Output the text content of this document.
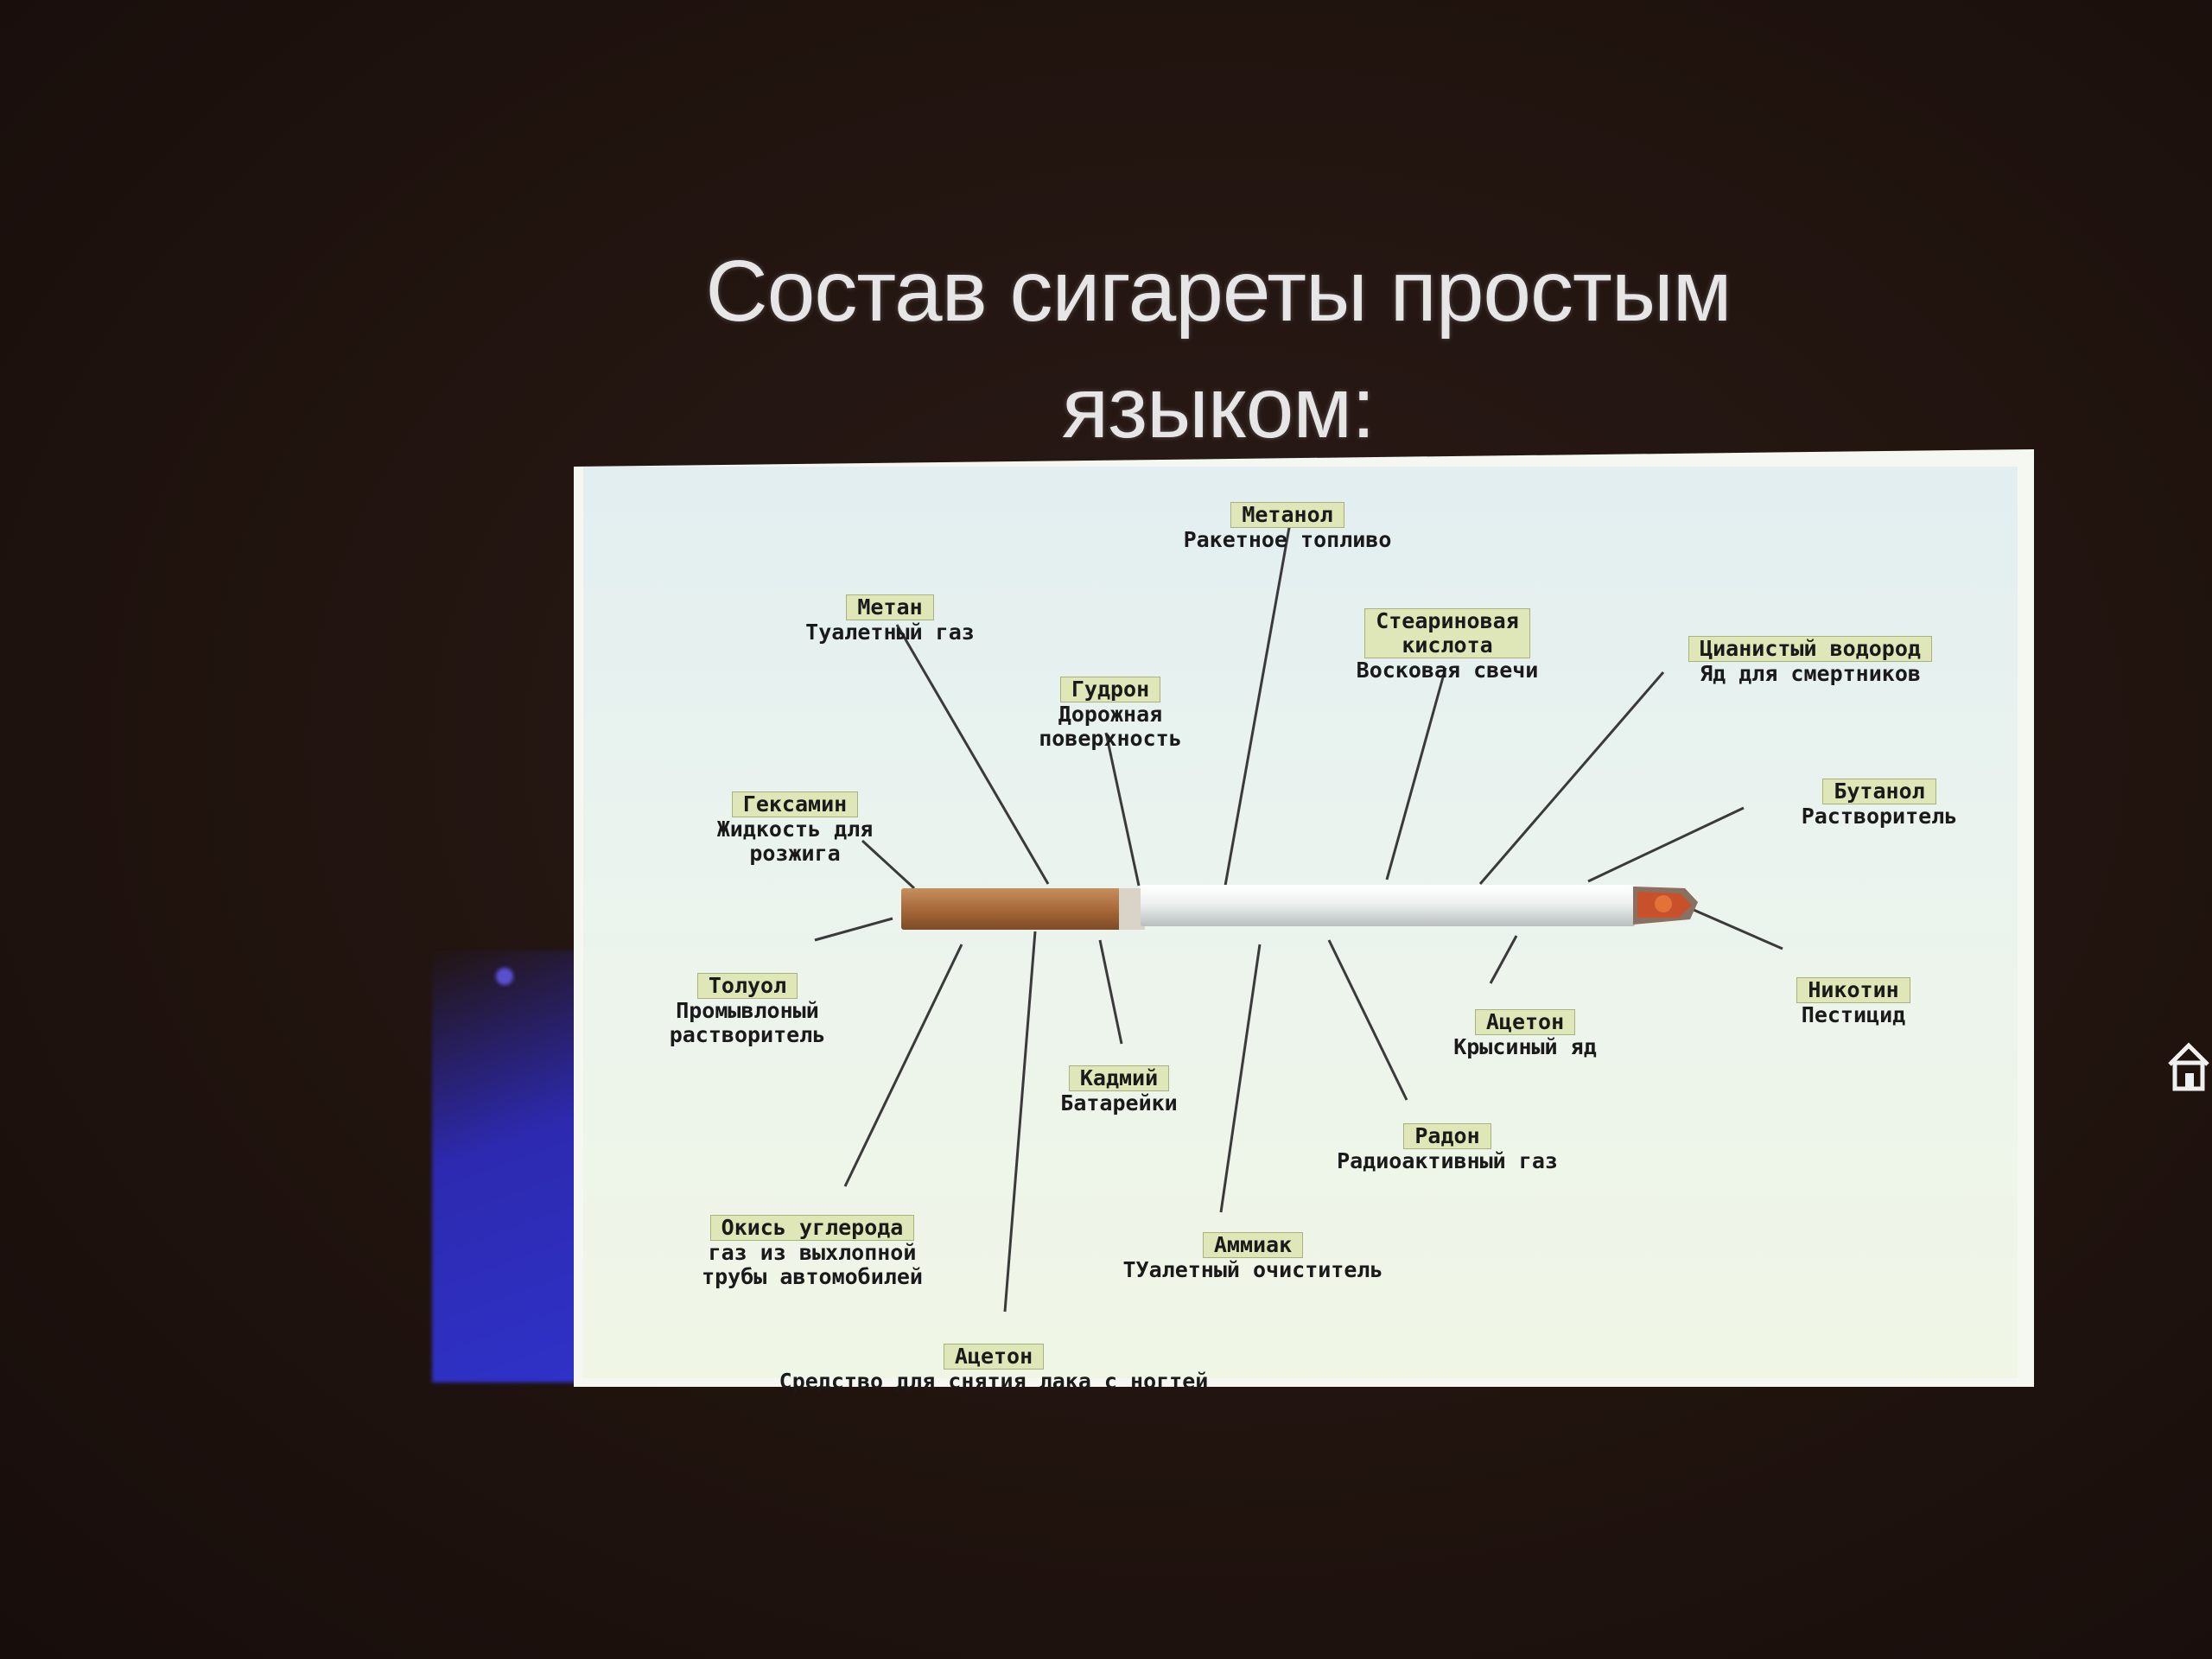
Состав сигареты простым
языком:

Метанол

Ракетное топливо

Метан

Туалетный газ	Стеариновая
кислота

Восковая свечи

Цианистый водород

Яд для смертников

Гудрон

Дорожная
поверхность

Гексамин

Жидкость для
розжига

Бутанол

Растворитель

Толуол

Промывлоный
растворитель

Никотин

Пестицид

Ацетон

Крысиный яд

Кадмий

Батарейки

Радон

Радиоактивный газ

Окись углерода

газ из выхлопной
трубы автомобилей

Аммиак

ТУалетный очиститель

Ацетон

Средство для снятия лака с ногтей
